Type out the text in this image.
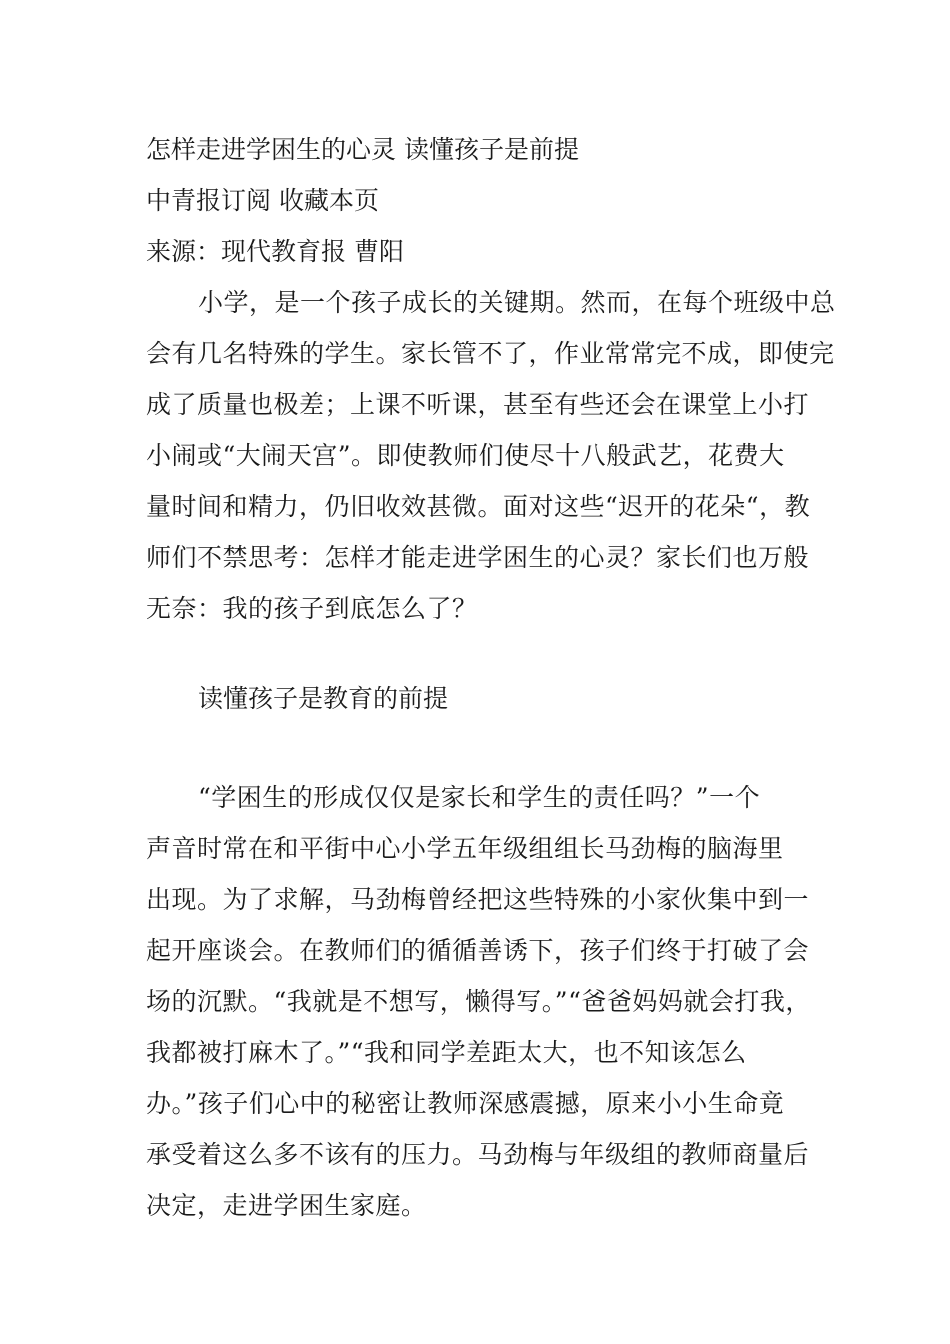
怎样走进学困生的心灵 读懂孩子是前提

中青报订阅 收藏本页

来源：现代教育报 曹阳

小学，是一个孩子成长的关键期。然而，在每个班级中总
会有几名特殊的学生。家长管不了，作业常常完不成，即使完
成了质量也极差；上课不听课，甚至有些还会在课堂上小打
小闹或“大闹天宫”。即使教师们使尽十八般武艺，花费大
量时间和精力，仍旧收效甚微。面对这些“迟开的花朵“，教
师们不禁思考：怎样才能走进学困生的心灵？家长们也万般
无奈：我的孩子到底怎么了？

读懂孩子是教育的前提

“学困生的形成仅仅是家长和学生的责任吗？”一个
声音时常在和平街中心小学五年级组组长马劲梅的脑海里
出现。为了求解，马劲梅曾经把这些特殊的小家伙集中到一
起开座谈会。在教师们的循循善诱下，孩子们终于打破了会
场的沉默。“我就是不想写，懒得写。”“爸爸妈妈就会打我，
我都被打麻木了。”“我和同学差距太大，也不知该怎么
办。”孩子们心中的秘密让教师深感震撼，原来小小生命竟
承受着这么多不该有的压力。马劲梅与年级组的教师商量后
决定，走进学困生家庭。
